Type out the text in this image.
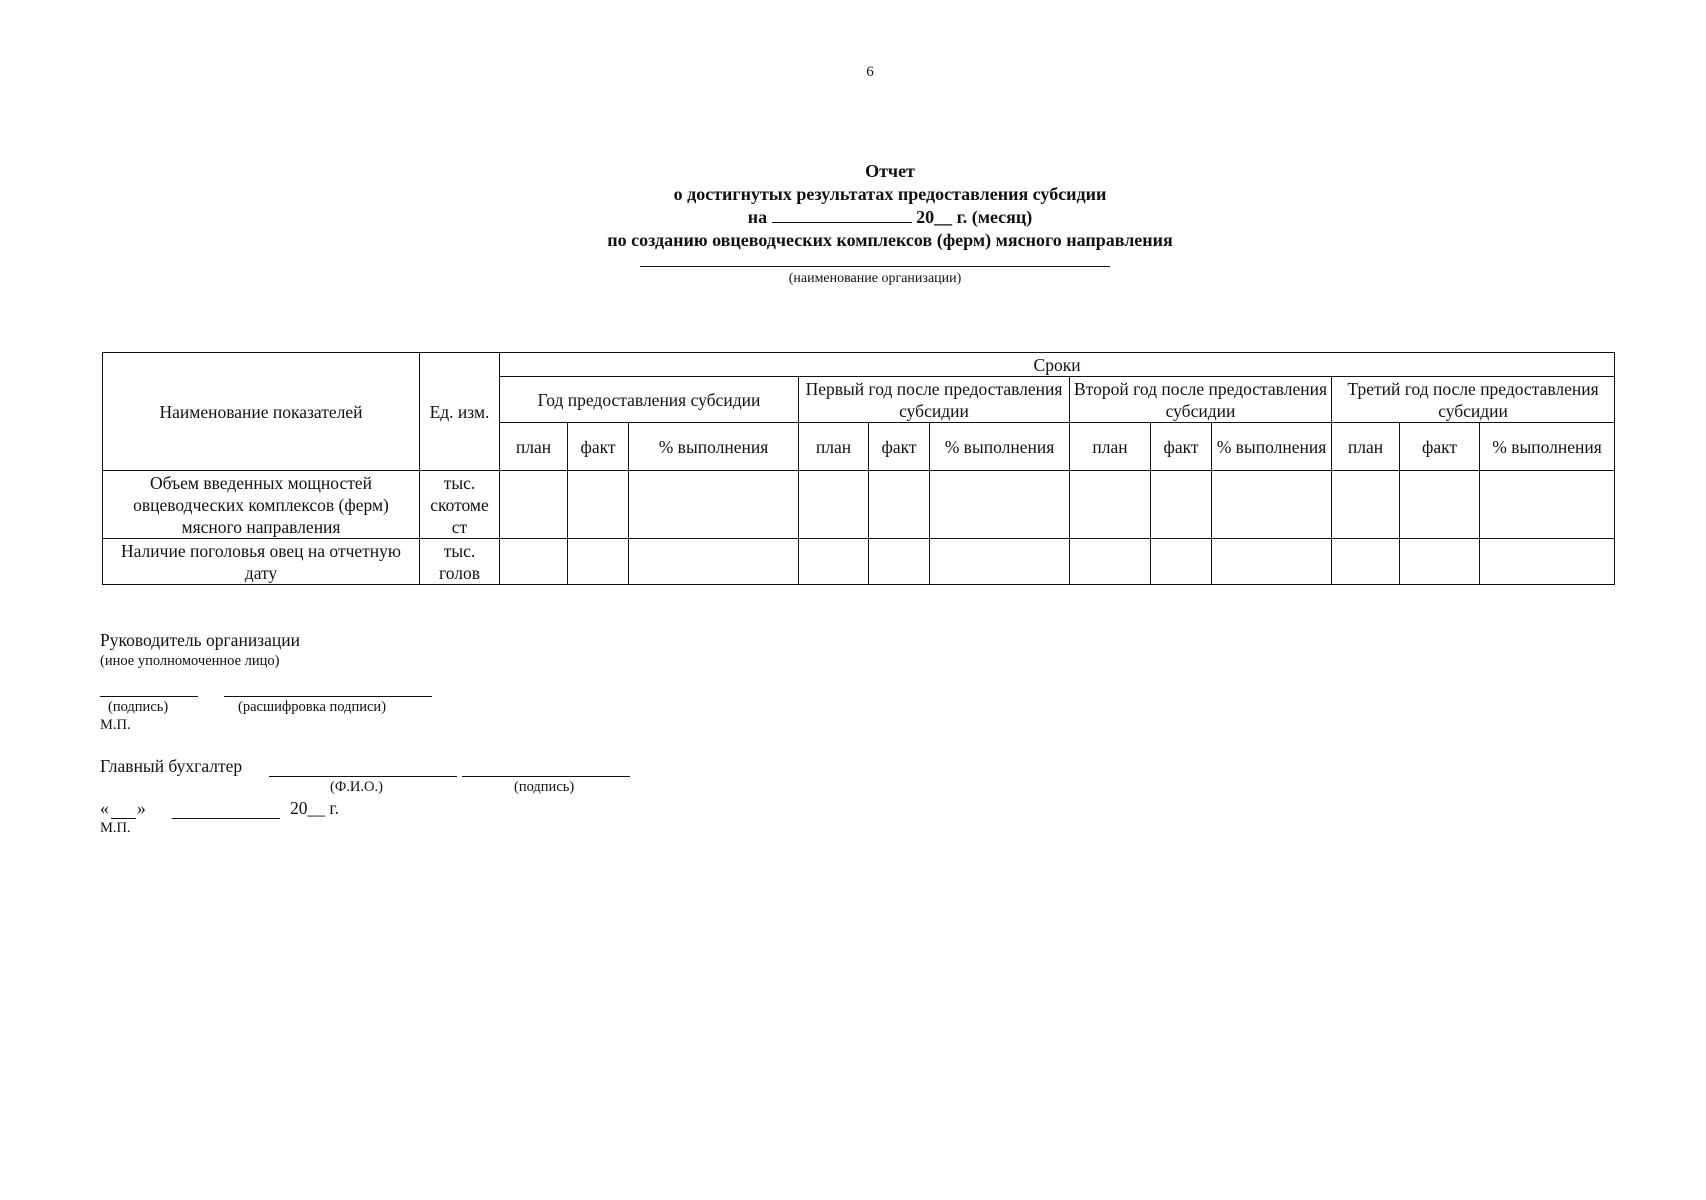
6
Отчет
о достигнутых результатах предоставления субсидии
на	20__ г. (месяц)
по созданию овцеводческих комплексов (ферм) мясного направления
(наименование организации)
Наименование показателей	Ед. изм.	Сроки											
		Год предоставления субсидии			Первый год после предоставления субсидии			Второй год после предоставления субсидии			Третий год после предоставления субсидии		
		план	факт	% выполнения	план	факт	% выполнения	план	факт	% выполнения	план	факт	% выполнения
Объем введенных мощностей овцеводческих комплексов (ферм) мясного направления	тыс. скотоме ст												
Наличие поголовья овец на отчетную дату	тыс. голов												
Руководитель организации
(иное уполномоченное лицо)
(подпись)	(расшифровка подписи)
М.П.
Главный бухгалтер
(Ф.И.О.)	(подпись)
« »	20__ г.
М.П.
